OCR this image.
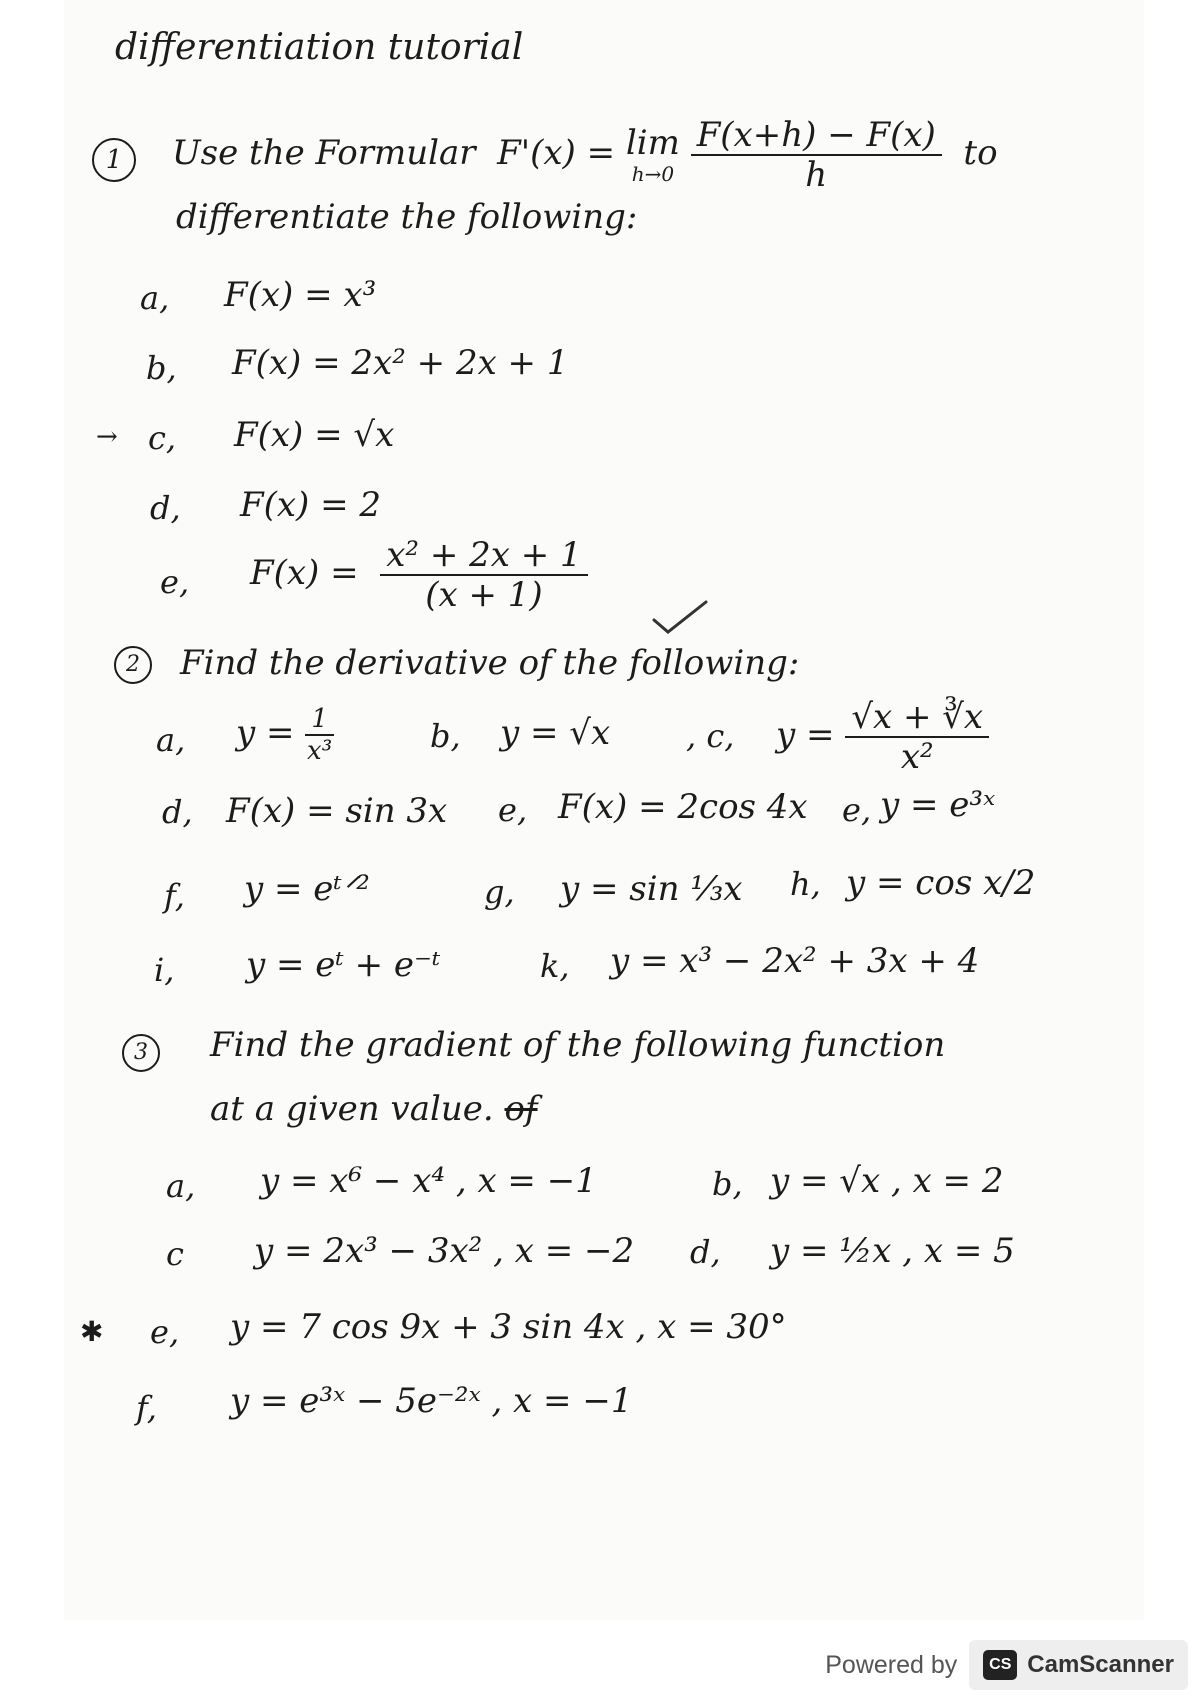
differentiation tutorial
1	Use the Formular F'(x) = lim
h→0
$\frac{F(x+h) - F(x)}{h}$ to
differentiate the following:
a, F(x) = x³
b, F(x) = 2x² + 2x + 1
→ c, F(x) = √x
d, F(x) = 2
e, $F(x) = \frac{\text{x² + 2x + 1}}{(x + 1)}$
2	Find the derivative of the following:
a, $y = \frac{1}{\text{x³}}$	b, y = √x , c, $y = \frac{√x + ∛x}{\text{x²}}$
d, F(x) = sin 3x e, F(x) = 2cos 4x e, y = e³ˣ
f, y = eᵗᐟ²	g, y = sin ⅓x h, y = cos x/2
i, y = eᵗ + e⁻ᵗ	k, y = x³ − 2x² + 3x + 4
3	Find the gradient of the following function
at a given value. of
a, y = x⁶ − x⁴ , x = −1	b, y = √x , x = 2
c y = 2x³ − 3x² , x = −2 d, y = ½x , x = 5
✱ e, y = 7 cos 9x + 3 sin 4x , x = 30°
f, y = e³ˣ − 5e⁻²ˣ , x = −1
Powered by	CS CamScanner
